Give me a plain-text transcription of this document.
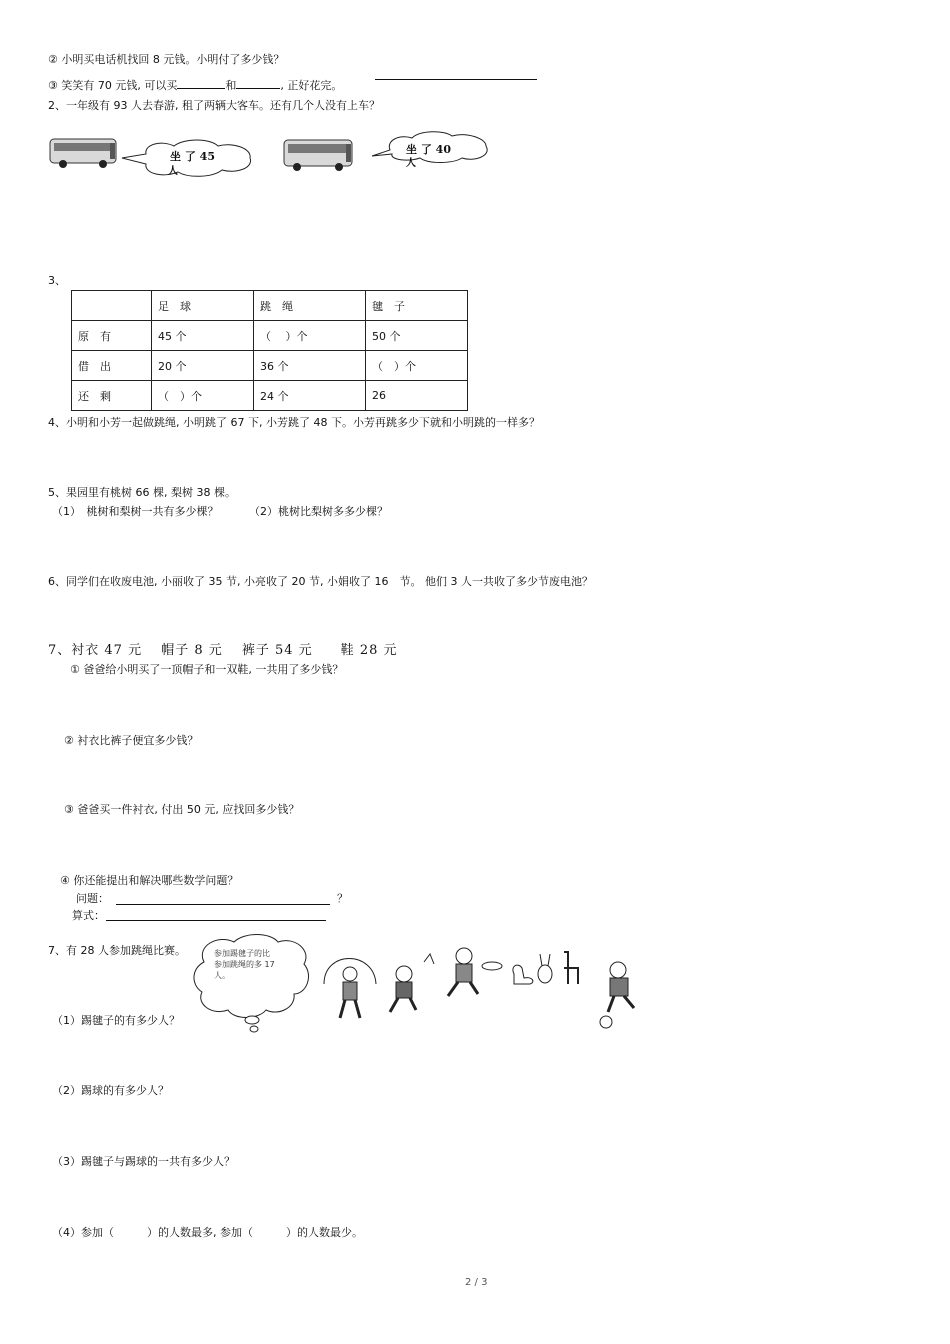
② 小明买电话机找回 8 元钱。小明付了多少钱？
③ 笑笑有 70 元钱, 可以买	和	, 正好花完。
2、一年级有 93 人去春游, 租了两辆大客车。还有几个人没有上车？
坐 了 45
人
坐 了 40
人
3、
	足　球	跳　绳	毽　子
原　有	45 个	（　 ）个	50 个
借　出	20 个	36 个	（　）个
还　剩	（　）个	24 个	26
4、小明和小芳一起做跳绳, 小明跳了 67 下, 小芳跳了 48 下。小芳再跳多少下就和小明跳的一样多？
5、果园里有桃树 66 棵, 梨树 38 棵。
（1）　桃树和梨树一共有多少棵？	（2）桃树比梨树多多少棵？
6、同学们在收废电池, 小丽收了 35 节, 小亮收了 20 节, 小娟收了 16　节。 他们 3 人一共收了多少节废电池？
7、衬衣 47 元　 帽子 8 元　 裤子 54 元　　鞋 28 元
① 爸爸给小明买了一顶帽子和一双鞋, 一共用了多少钱？
② 衬衣比裤子便宜多少钱？
③ 爸爸买一件衬衣, 付出 50 元, 应找回多少钱？
④ 你还能提出和解决哪些数学问题？
问题：	？
算式：
7、有 28 人参加跳绳比赛。	参加踢毽子的比
参加跳绳的多 17
人。
（1）踢毽子的有多少人？
（2）踢球的有多少人？
（3）踢毽子与踢球的一共有多少人？
（4）参加（　　　）的人数最多, 参加（　　　）的人数最少。
2 / 3
